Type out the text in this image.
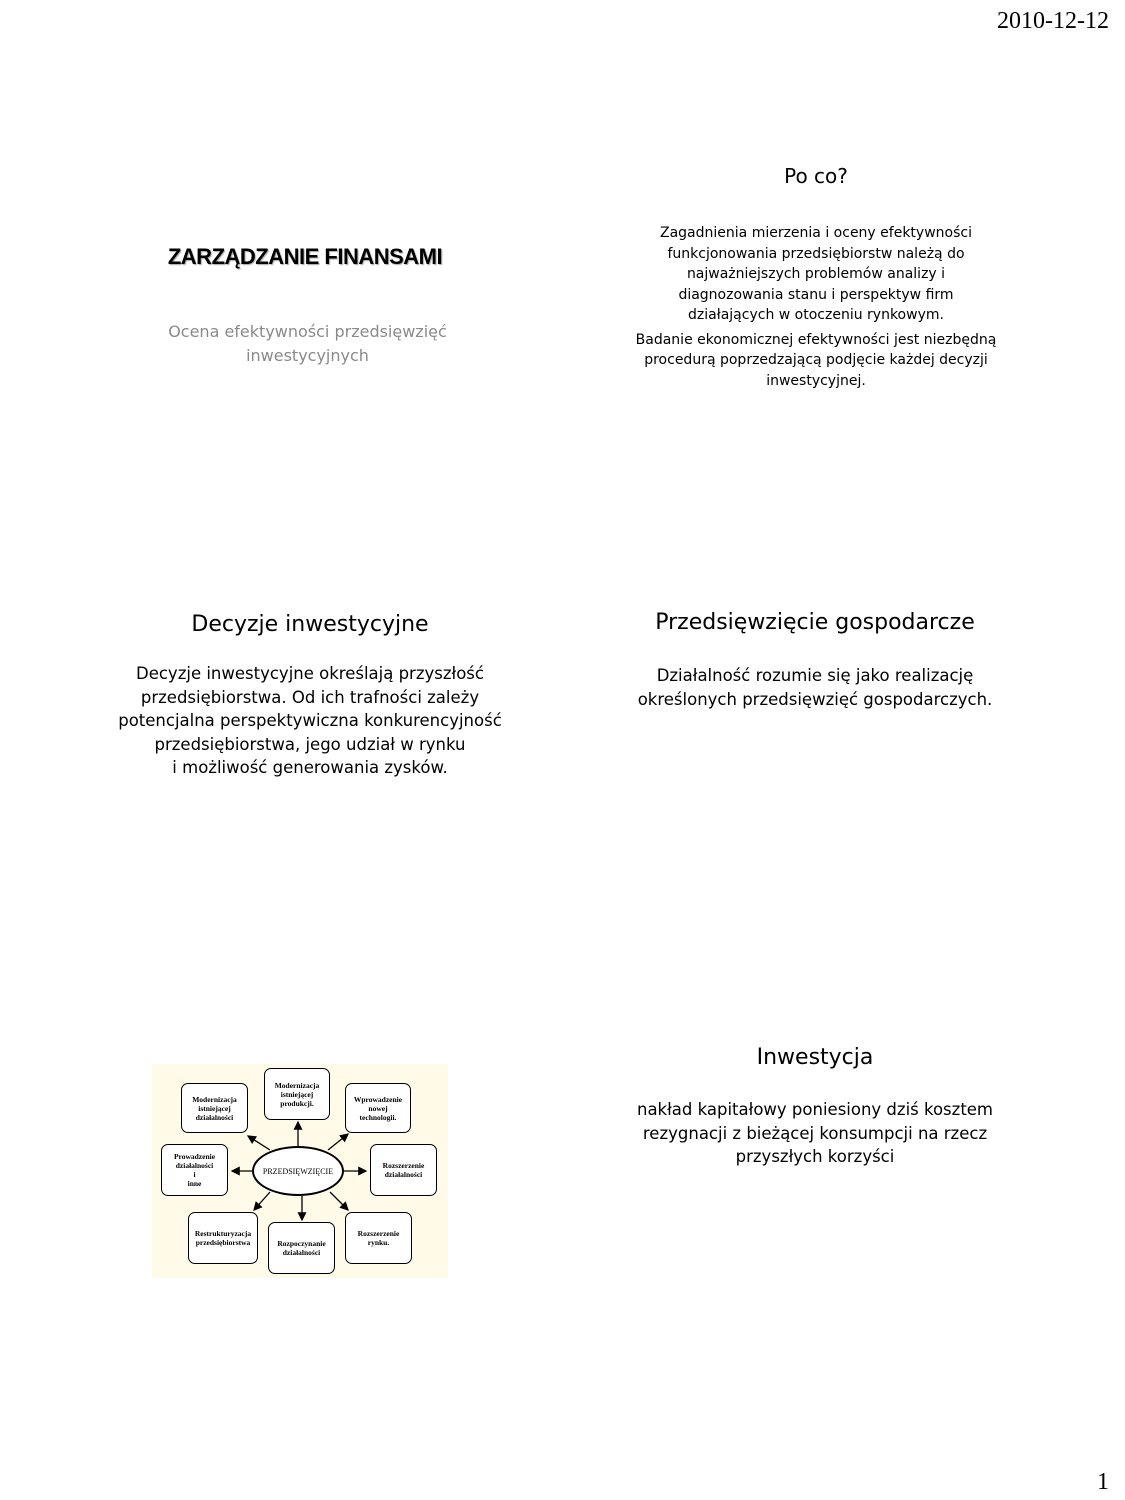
2010-12-12
ZARZĄDZANIE FINANSAMI
Ocena efektywności przedsięwzięć
inwestycyjnych
Po co?

Zagadnienia mierzenia i oceny efektywności
funkcjonowania przedsiębiorstw należą do
najważniejszych problemów analizy i
diagnozowania stanu i perspektyw firm
działających w otoczeniu rynkowym.

Badanie ekonomicznej efektywności jest niezbędną
procedurą poprzedzającą podjęcie każdej decyzji
inwestycyjnej.

Decyzje inwestycyjne
Decyzje inwestycyjne określają przyszłość
przedsiębiorstwa. Od ich trafności zależy
potencjalna perspektywiczna konkurencyjność
przedsiębiorstwa, jego udział w rynku
i możliwość generowania zysków.
Przedsięwzięcie gospodarcze
Działalność rozumie się jako realizację
określonych przedsięwzięć gospodarczych.
PRZEDSIĘWZIĘCIE
Modernizacja
istniejącej
działalności
Modernizacja
istniejącej
produkcji.	Wprowadzenie
nowej
technologii.
Prowadzenie
działalności
i
inne
Rozszerzenie
działalności
Restrukturyzacja
przedsiębiorstwa	Rozpoczynanie
działalności
Rozszerzenie
rynku.
Inwestycja
nakład kapitałowy poniesiony dziś kosztem
rezygnacji z bieżącej konsumpcji na rzecz
przyszłych korzyści
1
